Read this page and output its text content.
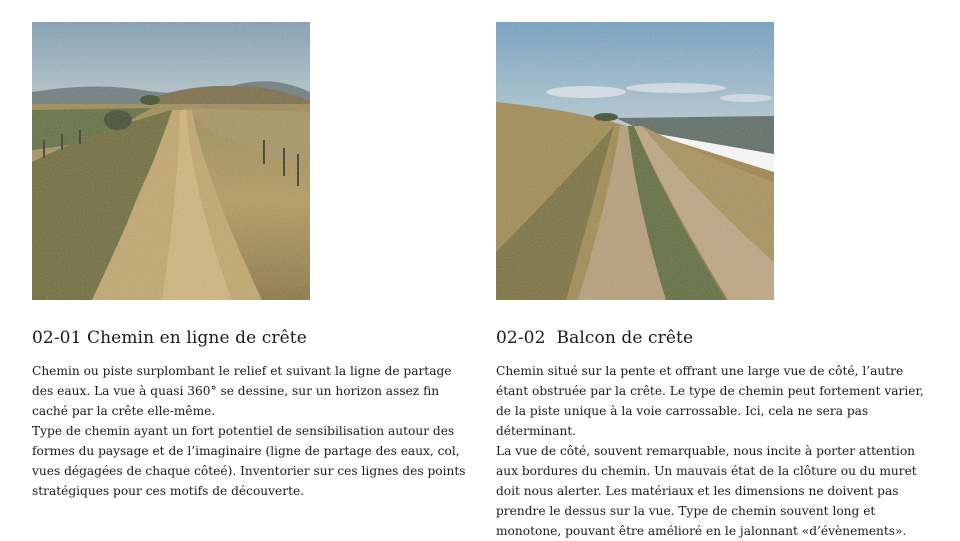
02-01 Chemin en ligne de crête

Chemin ou piste surplombant le relief et suivant la ligne de partage des eaux. La vue à quasi 360° se dessine, sur un horizon assez fin caché par la crête elle-même.

Type de chemin ayant un fort potentiel de sensibilisation autour des formes du paysage et de l’imaginaire (ligne de partage des eaux, col, vues dégagées de chaque côteé). Inventorier sur ces lignes des points stratégiques pour ces motifs de découverte.

02-02  Balcon de crête

Chemin situé sur la pente et offrant une large vue de côté, l’autre étant obstruée par la crête. Le type de chemin peut fortement varier, de la piste unique à la voie carrossable. Ici, cela ne sera pas déterminant.

La vue de côté, souvent remarquable, nous incite à porter attention aux bordures du chemin. Un mauvais état de la clôture ou du muret doit nous alerter. Les matériaux et les dimensions ne doivent pas prendre le dessus sur la vue. Type de chemin souvent long et monotone, pouvant être amélioré en le jalonnant «d’évènements».
